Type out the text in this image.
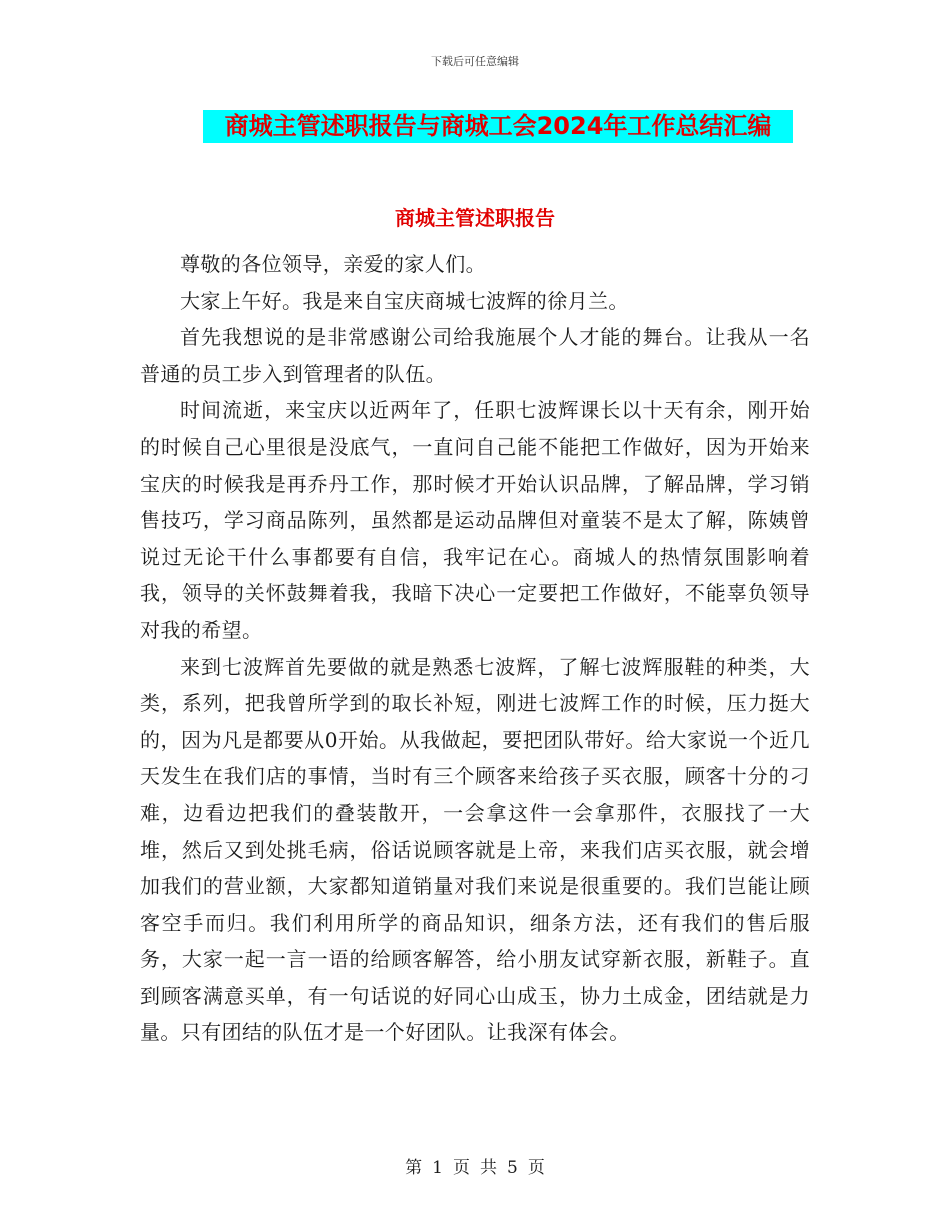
下载后可任意编辑
商城主管述职报告与商城工会2024年工作总结汇编
商城主管述职报告

尊敬的各位领导，亲爱的家人们。

大家上午好。我是来自宝庆商城七波辉的徐月兰。

首先我想说的是非常感谢公司给我施展个人才能的舞台。让我从一名普通的员工步入到管理者的队伍。

时间流逝，来宝庆以近两年了，任职七波辉课长以十天有余，刚开始的时候自己心里很是没底气，一直问自己能不能把工作做好，因为开始来宝庆的时候我是再乔丹工作，那时候才开始认识品牌，了解品牌，学习销售技巧，学习商品陈列，虽然都是运动品牌但对童装不是太了解，陈姨曾说过无论干什么事都要有自信，我牢记在心。商城人的热情氛围影响着我，领导的关怀鼓舞着我，我暗下决心一定要把工作做好，不能辜负领导对我的希望。

来到七波辉首先要做的就是熟悉七波辉，了解七波辉服鞋的种类，大类，系列，把我曾所学到的取长补短，刚进七波辉工作的时候，压力挺大的，因为凡是都要从0开始。从我做起，要把团队带好。给大家说一个近几天发生在我们店的事情，当时有三个顾客来给孩子买衣服，顾客十分的刁难，边看边把我们的叠装散开，一会拿这件一会拿那件，衣服找了一大堆，然后又到处挑毛病，俗话说顾客就是上帝，来我们店买衣服，就会增加我们的营业额，大家都知道销量对我们来说是很重要的。我们岂能让顾客空手而归。我们利用所学的商品知识，细条方法，还有我们的售后服务，大家一起一言一语的给顾客解答，给小朋友试穿新衣服，新鞋子。直到顾客满意买单，有一句话说的好同心山成玉，协力土成金，团结就是力量。只有团结的队伍才是一个好团队。让我深有体会。

第 1 页 共 5 页
